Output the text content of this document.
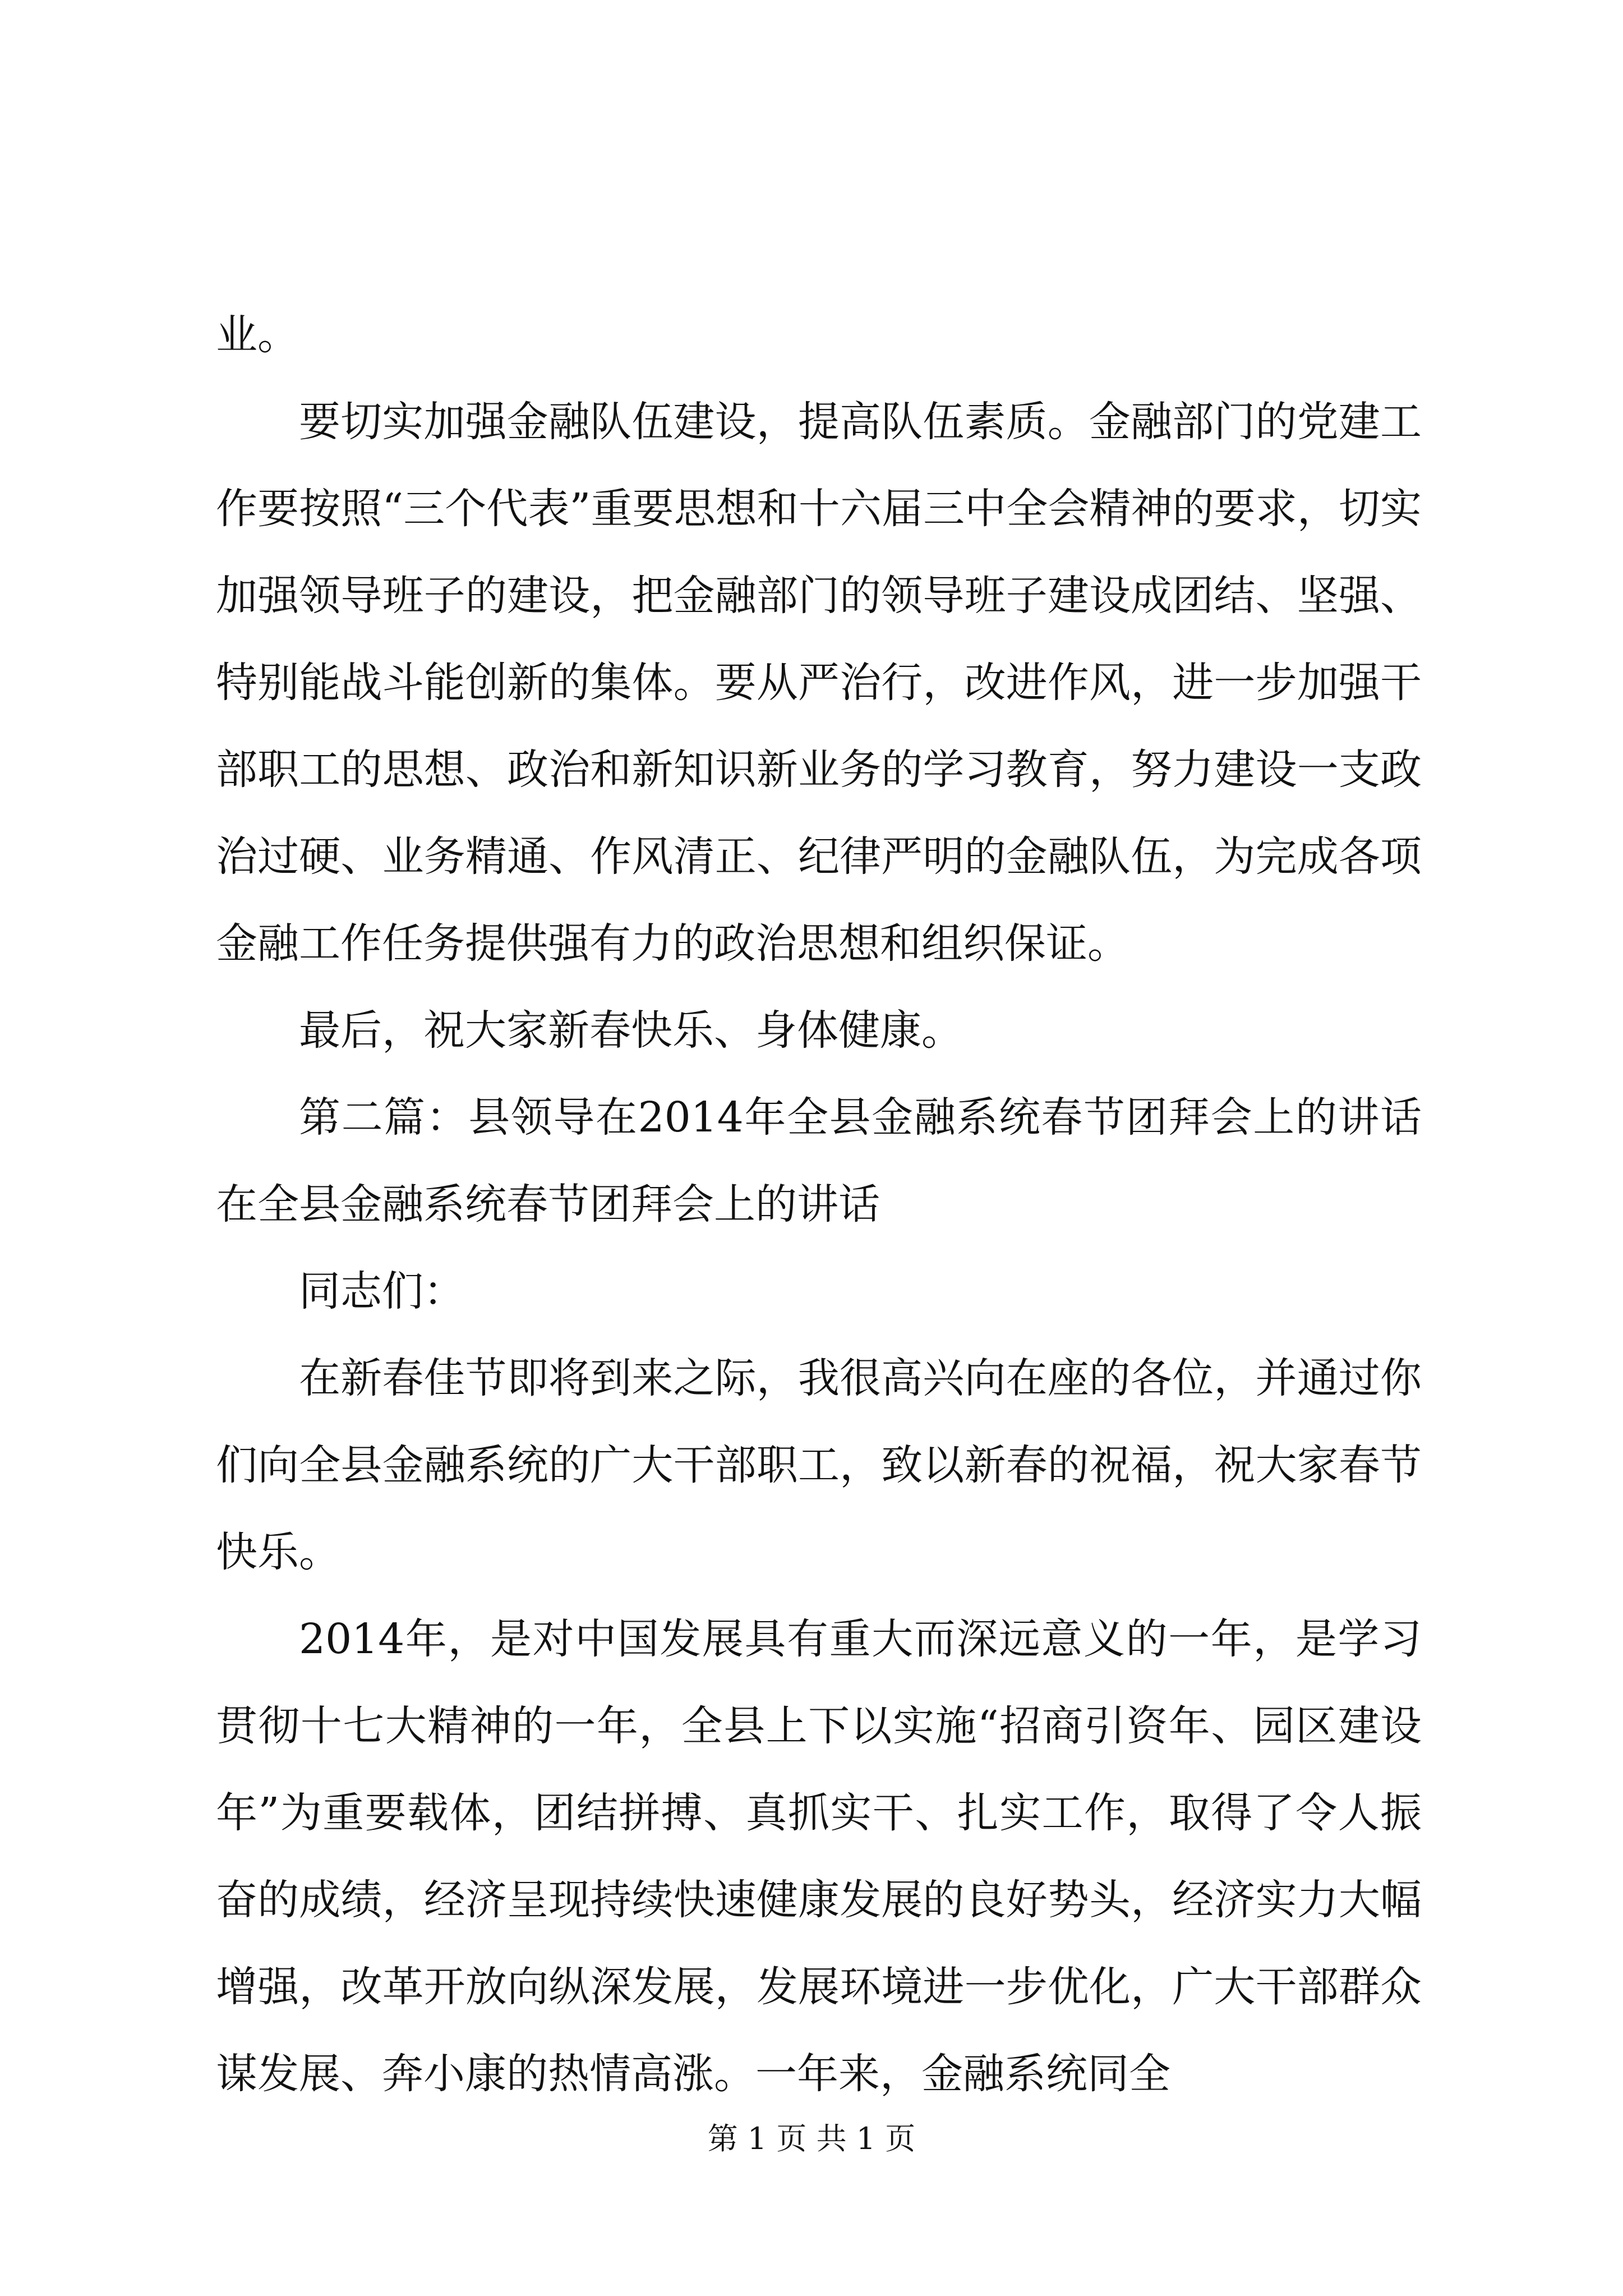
业。

要切实加强金融队伍建设，提高队伍素质。金融部门的党建工作要按照“三个代表”重要思想和十六届三中全会精神的要求，切实加强领导班子的建设，把金融部门的领导班子建设成团结、坚强、特别能战斗能创新的集体。要从严治行，改进作风，进一步加强干部职工的思想、政治和新知识新业务的学习教育，努力建设一支政治过硬、业务精通、作风清正、纪律严明的金融队伍，为完成各项金融工作任务提供强有力的政治思想和组织保证。

最后，祝大家新春快乐、身体健康。

第二篇：县领导在2014年全县金融系统春节团拜会上的讲话在全县金融系统春节团拜会上的讲话

同志们：

在新春佳节即将到来之际，我很高兴向在座的各位，并通过你们向全县金融系统的广大干部职工，致以新春的祝福，祝大家春节快乐。

2014年，是对中国发展具有重大而深远意义的一年，是学习贯彻十七大精神的一年，全县上下以实施“招商引资年、园区建设年”为重要载体，团结拼搏、真抓实干、扎实工作，取得了令人振奋的成绩，经济呈现持续快速健康发展的良好势头，经济实力大幅增强，改革开放向纵深发展，发展环境进一步优化，广大干部群众谋发展、奔小康的热情高涨。一年来，金融系统同全

第 1 页 共 1 页
